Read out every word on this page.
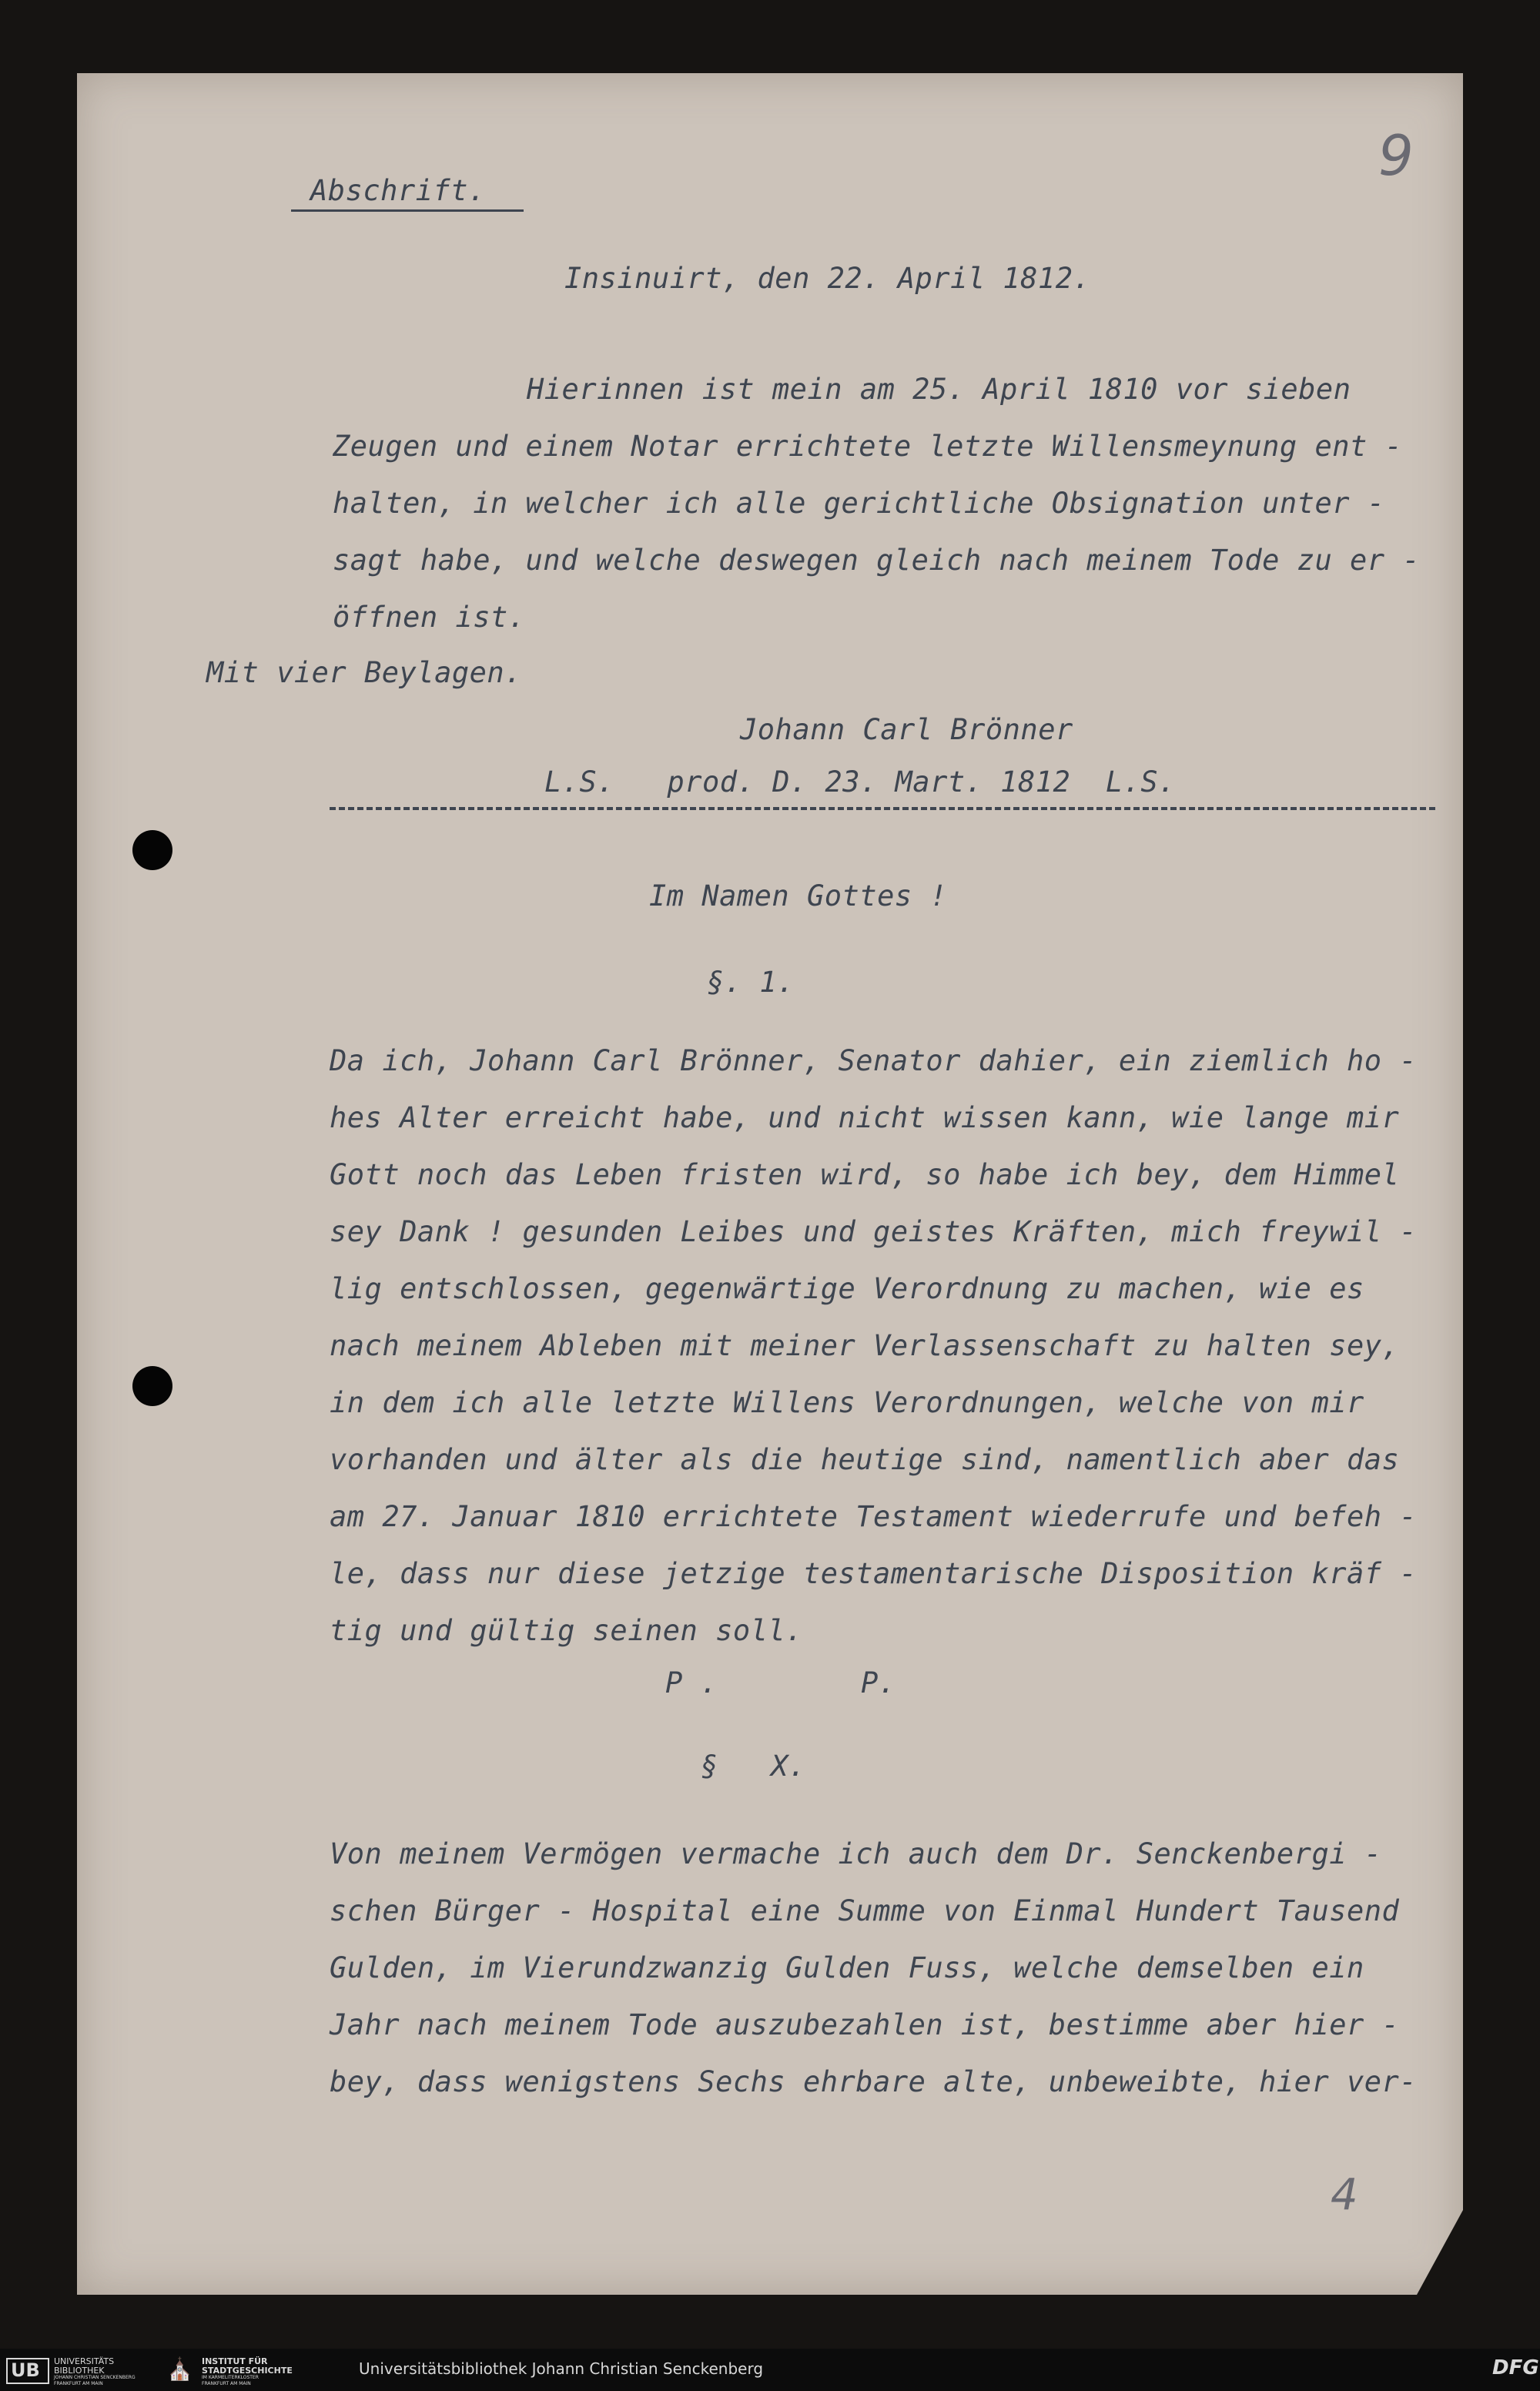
9
Abschrift.
Insinuirt, den 22. April 1812.
Hierinnen ist mein am 25. April 1810 vor sieben
Zeugen und einem Notar errichtete letzte Willensmeynung ent -
halten, in welcher ich alle gerichtliche Obsignation unter -
sagt habe, und welche deswegen gleich nach meinem Tode zu er -
öffnen ist.
Mit vier Beylagen.
Johann Carl Brönner
L.S.   prod. D. 23. Mart. 1812  L.S.
Im Namen Gottes !
§. 1.
Da ich, Johann Carl Brönner, Senator dahier, ein ziemlich ho -
hes Alter erreicht habe, und nicht wissen kann, wie lange mir
Gott noch das Leben fristen wird, so habe ich bey, dem Himmel
sey Dank ! gesunden Leibes und geistes Kräften, mich freywil -
lig entschlossen, gegenwärtige Verordnung zu machen, wie es
nach meinem Ableben mit meiner Verlassenschaft zu halten sey,
in dem ich alle letzte Willens Verordnungen, welche von mir
vorhanden und älter als die heutige sind, namentlich aber das
am 27. Januar 1810 errichtete Testament wiederrufe und befeh -
le, dass nur diese jetzige testamentarische Disposition kräf -
tig und gültig seinen soll.
P .	P.
§   X.
Von meinem Vermögen vermache ich auch dem Dr. Senckenbergi -
schen Bürger - Hospital eine Summe von Einmal Hundert Tausend
Gulden, im Vierundzwanzig Gulden Fuss, welche demselben ein
Jahr nach meinem Tode auszubezahlen ist, bestimme aber hier -
bey, dass wenigstens Sechs ehrbare alte, unbeweibte, hier ver-
4
UB UNIVERSITÄTS
BIBLIOTHEK
JOHANN CHRISTIAN SENCKENBERG
FRANKFURT AM MAIN
⛪ INSTITUT FÜR
STADTGESCHICHTE
IM KARMELITERKLOSTER
FRANKFURT AM MAIN
Universitätsbibliothek Johann Christian Senckenberg	DFG
